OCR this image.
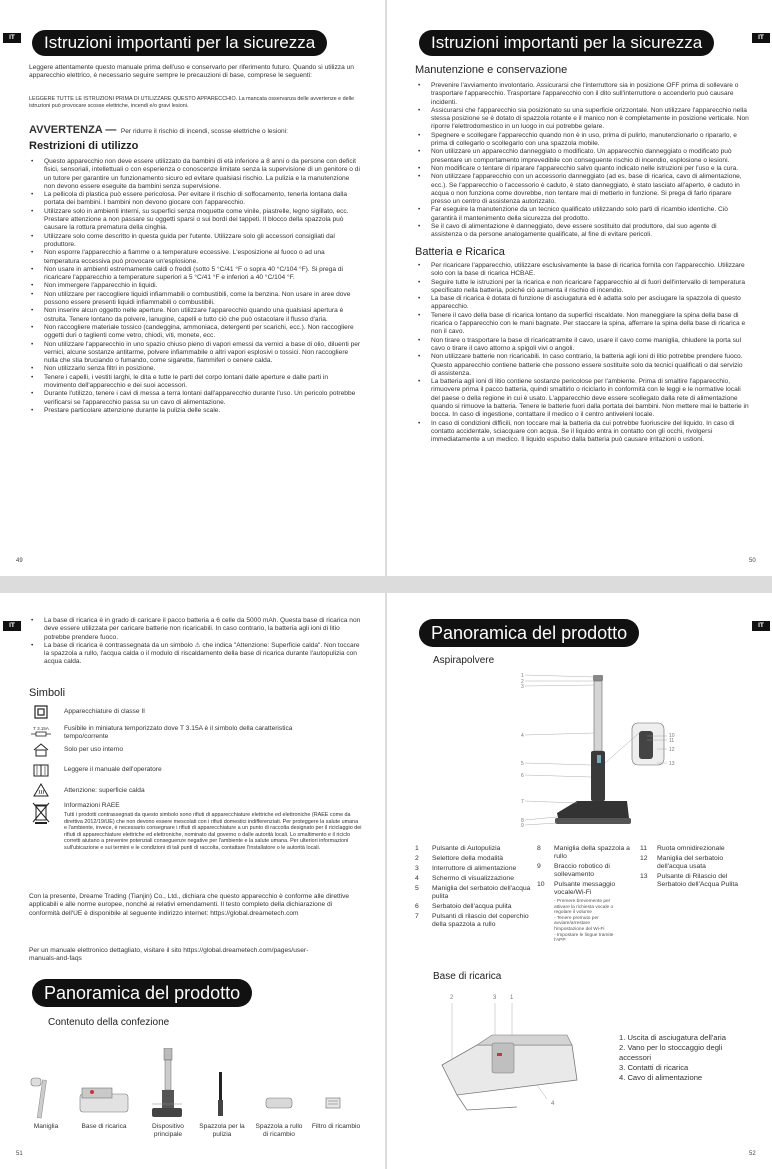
IT	Istruzioni importanti per la sicurezza
Leggere attentamente questo manuale prima dell'uso e conservarlo per riferimento futuro. Quando si utilizza un apparecchio elettrico, è necessario seguire sempre le precauzioni di base, comprese le seguenti:
LEGGERE TUTTE LE ISTRUZIONI PRIMA DI UTILIZZARE QUESTO APPARECCHIO. La mancata osservanza delle avvertenze e delle istruzioni può provocare scosse elettriche, incendi e/o gravi lesioni.
AVVERTENZA — Per ridurre il rischio di incendi, scosse elettriche o lesioni:
Restrizioni di utilizzo
• Questo apparecchio non deve essere utilizzato da bambini di età inferiore a 8 anni o da persone con deficit fisici, sensoriali, intellettuali o con esperienza o conoscenze limitate senza la supervisione di un genitore o di un tutore per garantire un funzionamento sicuro ed evitare qualsiasi rischio. La pulizia e la manutenzione non devono essere eseguite da bambini senza supervisione.
• La pellicola di plastica può essere pericolosa. Per evitare il rischio di soffocamento, tenerla lontana dalla portata dei bambini. I bambini non devono giocare con l'apparecchio.
• Utilizzare solo in ambienti interni, su superfici senza moquette come vinile, piastrelle, legno sigillato, ecc. Prestare attenzione a non passare su oggetti sparsi o sui bordi dei tappeti. Il blocco della spazzola può causare la rottura prematura della cinghia.
• Utilizzare solo come descritto in questa guida per l'utente. Utilizzare solo gli accessori consigliati dal produttore.
• Non esporre l'apparecchio a fiamme o a temperature eccessive. L'esposizione al fuoco o ad una temperatura eccessiva può provocare un'esplosione.
• Non usare in ambienti estremamente caldi o freddi (sotto 5 °C/41 °F o sopra 40 °C/104 °F). Si prega di ricaricare l'apparecchio a temperature superiori a 5 °C/41 °F e inferiori a 40 °C/104 °F.
• Non immergere l'apparecchio in liquidi.
• Non utilizzare per raccogliere liquidi infiammabili o combustibili, come la benzina. Non usare in aree dove possono essere presenti liquidi infiammabili o combustibili.
• Non inserire alcun oggetto nelle aperture. Non utilizzare l'apparecchio quando una qualsiasi apertura è ostruita. Tenere lontano da polvere, lanugine, capelli e tutto ciò che può ostacolare il flusso d'aria.
• Non raccogliere materiale tossico (candeggina, ammoniaca, detergenti per scarichi, ecc.). Non raccogliere oggetti duri o taglienti come vetro, chiodi, viti, monete, ecc.
• Non utilizzare l'apparecchio in uno spazio chiuso pieno di vapori emessi da vernici a base di olio, diluenti per vernici, alcune sostanze antitarme, polvere infiammabile o altri vapori esplosivi o tossici. Non raccogliere nulla che stia bruciando o fumando, come sigarette, fiammiferi o cenere calda.
• Non utilizzarlo senza filtri in posizione.
• Tenere i capelli, i vestiti larghi, le dita e tutte le parti del corpo lontani dalle aperture e dalle parti in movimento dell'apparecchio e dei suoi accessori.
• Durante l'utilizzo, tenere i cavi di messa a terra lontani dall'apparecchio durante l'uso. Un pericolo potrebbe verificarsi se l'apparecchio passa su un cavo di alimentazione.
• Prestare particolare attenzione durante la pulizia delle scale.
49
Istruzioni importanti per la sicurezza	IT
Manutenzione e conservazione
• Prevenire l'avviamento involontario. Assicurarsi che l'interruttore sia in posizione OFF prima di sollevare o trasportare l'apparecchio. Trasportare l'apparecchio con il dito sull'interruttore o accenderlo può causare incidenti.
• Assicurarsi che l'apparecchio sia posizionato su una superficie orizzontale. Non utilizzare l'apparecchio nella stessa posizione se è dotato di spazzola rotante e il manico non è completamente in posizione verticale. Non riporre l'elettrodomestico in un luogo in cui potrebbe gelare.
• Spegnere e scollegare l'apparecchio quando non è in uso, prima di pulirlo, manutenzionarlo o ripararlo, e prima di collegarlo o scollegarlo con una spazzola mobile.
• Non utilizzare un apparecchio danneggiato o modificato. Un apparecchio danneggiato o modificato può presentare un comportamento imprevedibile con conseguente rischio di incendio, esplosione o lesioni.
• Non modificare o tentare di riparare l'apparecchio salvo quanto indicato nelle istruzioni per l'uso e la cura.
• Non utilizzare l'apparecchio con un accessorio danneggiato (ad es. base di ricarica, cavo di alimentazione, ecc.). Se l'apparecchio o l'accessorio è caduto, è stato danneggiato, è stato lasciato all'aperto, è caduto in acqua o non funziona come dovrebbe, non tentare mai di metterlo in funzione. Si prega di farlo riparare presso un centro di assistenza autorizzato.
• Far eseguire la manutenzione da un tecnico qualificato utilizzando solo parti di ricambio identiche. Ciò garantirà il mantenimento della sicurezza del prodotto.
• Se il cavo di alimentazione è danneggiato, deve essere sostituito dal produttore, dal suo agente di assistenza o da persone analogamente qualificate, al fine di evitare pericoli.
Batteria e Ricarica
• Per ricaricare l'apparecchio, utilizzare esclusivamente la base di ricarica fornita con l'apparecchio. Utilizzare solo con la base di ricarica HCBAE.
• Seguire tutte le istruzioni per la ricarica e non ricaricare l'apparecchio al di fuori dell'intervallo di temperatura specificato nella batteria, poiché ciò aumenta il rischio di incendio.
• La base di ricarica è dotata di funzione di asciugatura ed è adatta solo per asciugare la spazzola di questo apparecchio.
• Tenere il cavo della base di ricarica lontano da superfici riscaldate. Non maneggiare la spina della base di ricarica o l'apparecchio con le mani bagnate. Per staccare la spina, afferrare la spina della base di ricarica e non il cavo.
• Non tirare o trasportare la base di ricaricatramite il cavo, usare il cavo come maniglia, chiudere la porta sul cavo o tirare il cavo attorno a spigoli vivi o angoli.
• Non utilizzare batterie non ricaricabili. In caso contrario, la batteria agli ioni di litio potrebbe prendere fuoco. Questo apparecchio contiene batterie che possono essere sostituite solo da tecnici qualificati o dal servizio di assistenza.
• La batteria agli ioni di litio contiene sostanze pericolose per l'ambiente. Prima di smaltire l'apparecchio, rimuovere prima il pacco batteria, quindi smaltirlo o riciclarlo in conformità con le leggi e le normative locali del paese o della regione in cui è usato. L'apparecchio deve essere scollegato dalla rete di alimentazione quando si rimuove la batteria. Tenere le batterie fuori dalla portata dei bambini. Non mettere mai le batterie in bocca. In caso di ingestione, contattare il medico o il centro antiveleni locale.
• In caso di condizioni difficili, non toccare mai la batteria da cui potrebbe fuoriuscire del liquido. In caso di contatto accidentale, sciacquare con acqua. Se il liquido entra in contatto con gli occhi, rivolgersi immediatamente a un medico. Il liquido espulso dalla batteria può causare irritazioni o ustioni.
50
IT
• La base di ricarica è in grado di caricare il pacco batteria a 6 celle da 5000 mAh. Questa base di ricarica non deve essere utilizzata per caricare batterie non ricaricabili. In caso contrario, la batteria agli ioni di litio potrebbe prendere fuoco.
• La base di ricarica è contrassegnata da un simbolo ⚠ che indica "Attenzione: Superficie calda". Non toccare la spazzola a rullo, l'acqua calda o il modulo di riscaldamento della base di ricarica durante l'autopulizia con acqua calda.
Simboli
Apparecchiature di classe II
T 3.15A Fusibile in miniatura temporizzato dove T 3.15A è il simbolo della caratteristica tempo/corrente
Solo per uso interno
Leggere il manuale dell'operatore
Attenzione: superficie calda
Informazioni RAEE
Tutti i prodotti contrassegnati da questo simbolo sono rifiuti di apparecchiature elettriche ed elettroniche (RAEE come da direttiva 2012/19/UE) che non devono essere mescolati con i rifiuti domestici indifferenziati. Per proteggere la salute umana e l'ambiente, invece, è necessario consegnare i rifiuti di apparecchiature a un punto di raccolta designato per il riciclaggio dei rifiuti di apparecchiature elettriche ed elettroniche, nominato dal governo o dalle autorità locali. Lo smaltimento e il riciclo corretti aiutano a prevenire potenziali conseguenze negative per l'ambiente e la salute umana. Per ulteriori informazioni sull'ubicazione e sui termini e le condizioni di tali punti di raccolta, contattare l'installatore o le autorità locali.
Con la presente, Dreame Trading (Tianjin) Co., Ltd., dichiara che questo apparecchio è conforme alle direttive applicabili e alle norme europee, nonché ai relativi emendamenti. Il testo completo della dichiarazione di conformità dell'UE è disponibile al seguente indirizzo internet: https://global.dreametech.com
Per un manuale elettronico dettagliato, visitare il sito https://global.dreametech.com/pages/user-manuals-and-faqs
Panoramica del prodotto
Contenuto della confezione
Maniglia	Base di ricarica	Dispositivo principale
Spazzola per la pulizia
Spazzola a rullo di ricambio
Filtro di ricambio
51
Panoramica del prodotto	IT
Aspirapolvere
1
2
3
4
5
6
7
8
9
10
11
12
13
1	Pulsante di Autopulizia
2	Selettore della modalità
3	Interruttore di alimentazione
4	Schermo di visualizzazione
5	Maniglia del serbatoio dell'acqua pulita
6	Serbatoio dell'acqua pulita
7	Pulsanti di rilascio del coperchio della spazzola a rullo
8	Maniglia della spazzola a rullo
9	Braccio robotico di sollevamento
10	Pulsante messaggio vocale/Wi-Fi
- Premere brevemente per attivare la richiesta vocale o regolare il volume
- Tenere premuto per avviare/arrestare l'impostazione del Wi-Fi
- Impostare le lingue tramite l'APP
11	Ruota omnidirezionale
12	Maniglia del serbatoio dell'acqua usata
13	Pulsante di Rilascio del Serbatoio dell'Acqua Pulita
Base di ricarica
2	3 1
4
1. Uscita di asciugatura dell'aria
2. Vano per lo stoccaggio degli accessori
3. Contatti di ricarica
4. Cavo di alimentazione
52
